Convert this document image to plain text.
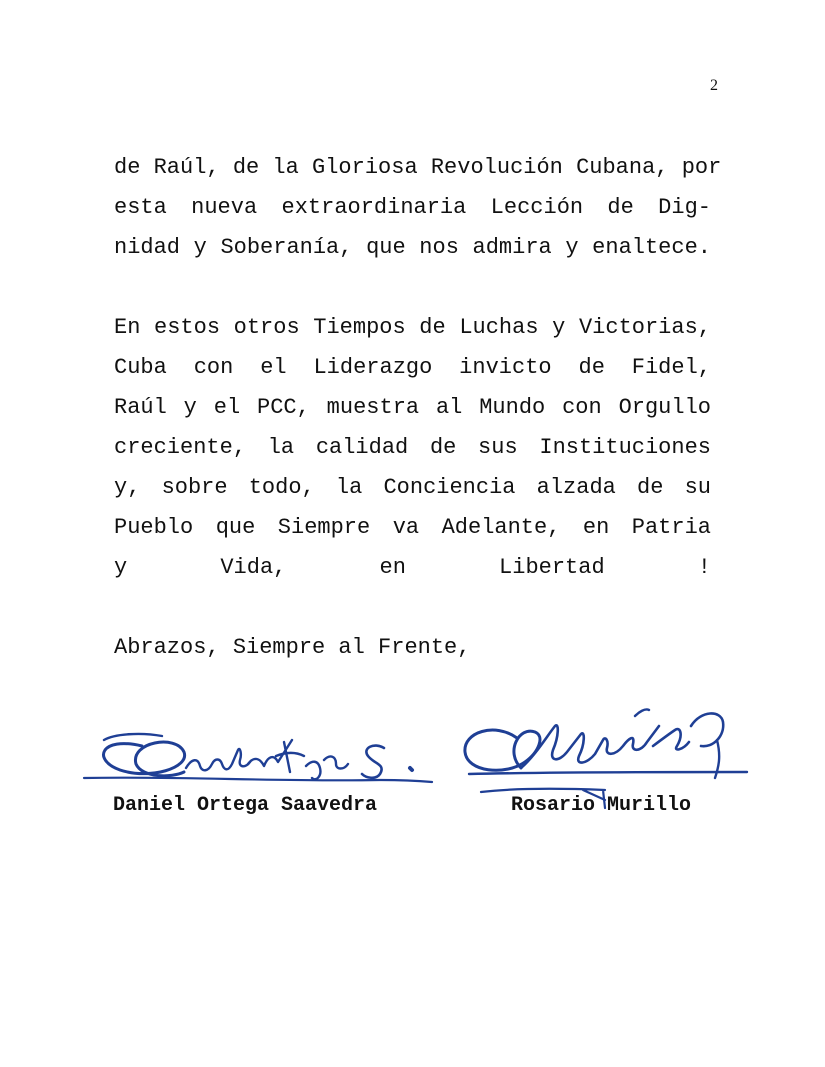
2
de Raúl, de la Gloriosa Revolución Cubana, por
esta nueva extraordinaria Lección de Dig-
nidad y Soberanía, que nos admira y enaltece.
En estos otros Tiempos de Luchas y Victorias,
Cuba con el Liderazgo invicto de Fidel,
Raúl y el PCC, muestra al Mundo con Orgullo
creciente, la calidad de sus Instituciones
y, sobre todo, la Conciencia alzada de su
Pueblo que Siempre va Adelante, en Patria
y Vida, en Libertad !

Abrazos, Siempre al Frente,

Daniel Ortega Saavedra	Rosario Murillo
